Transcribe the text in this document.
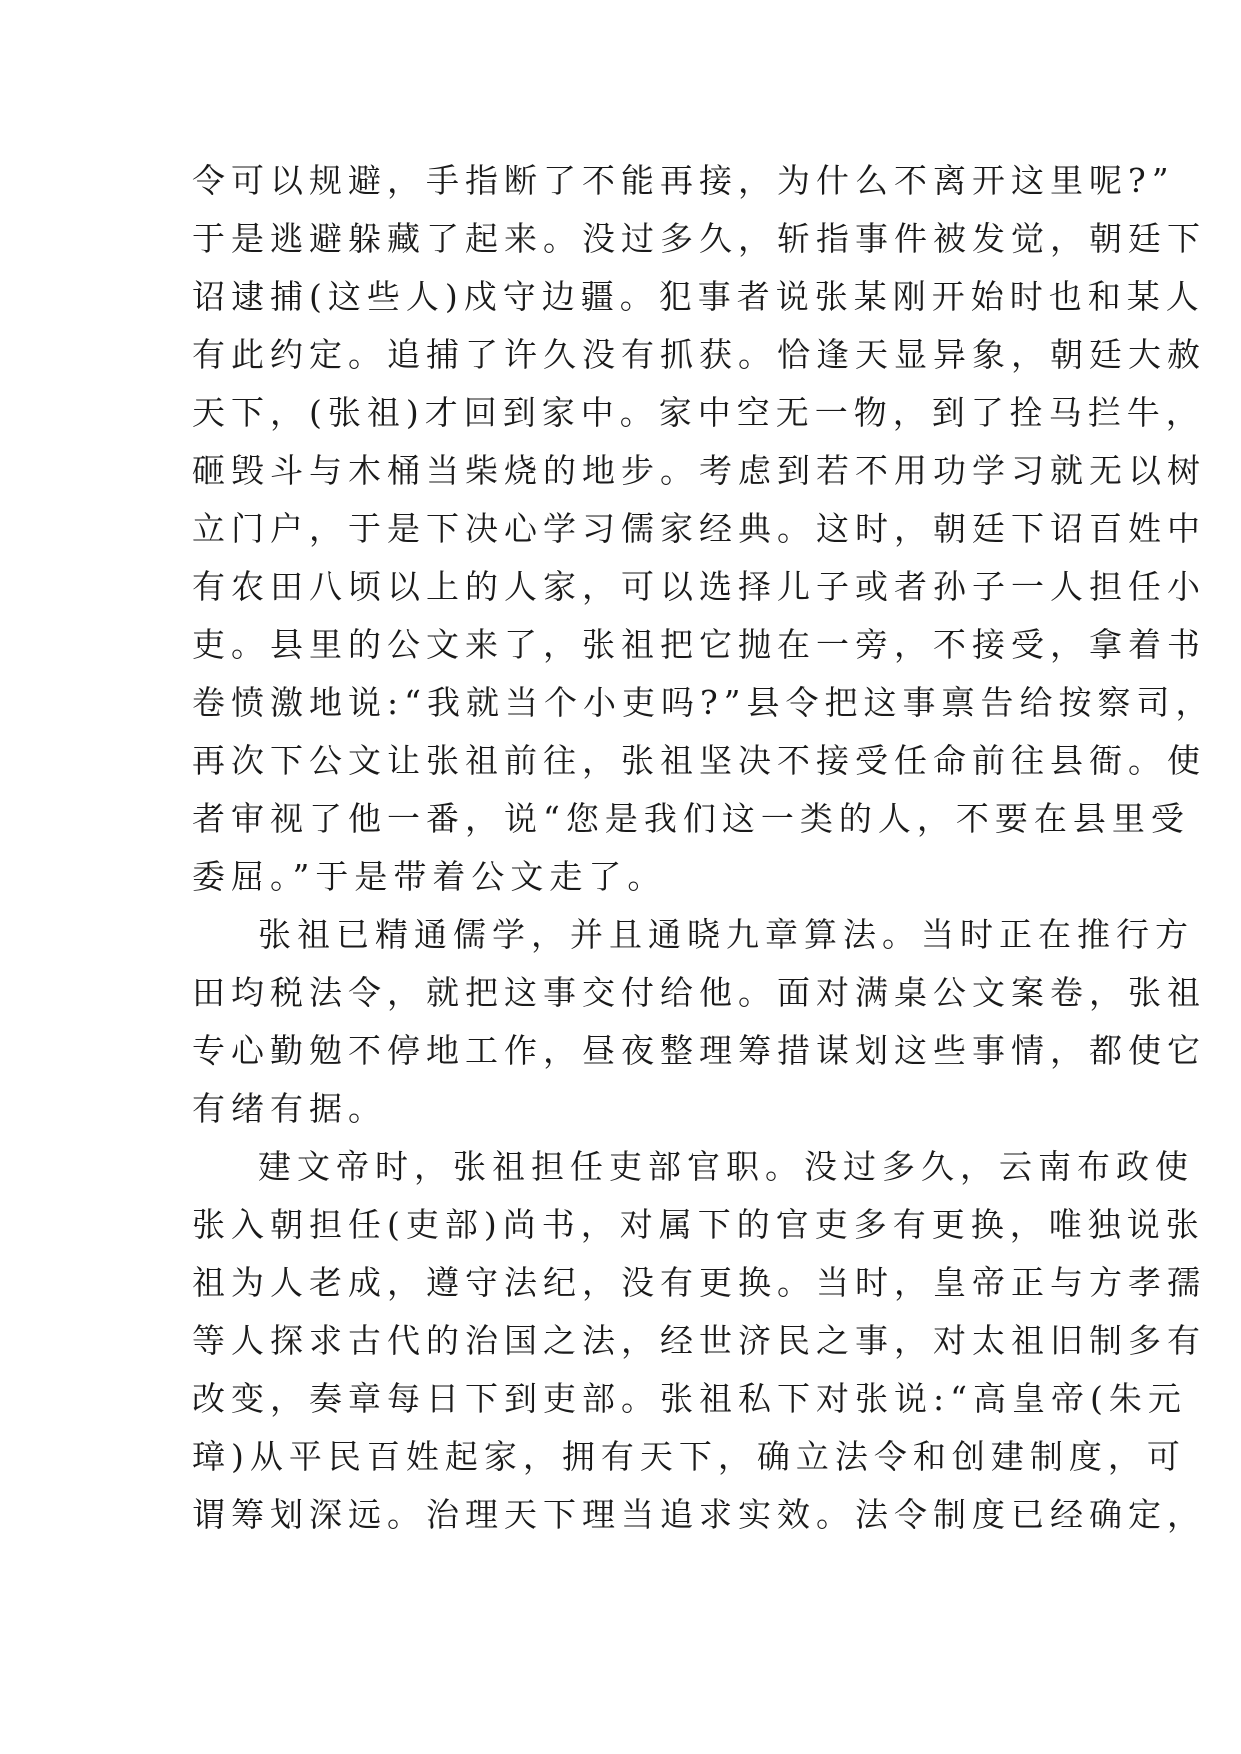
令可以规避，手指断了不能再接，为什么不离开这里呢?”
于是逃避躲藏了起来。没过多久，斩指事件被发觉，朝廷下
诏逮捕(这些人)戍守边疆。犯事者说张某刚开始时也和某人
有此约定。追捕了许久没有抓获。恰逢天显异象，朝廷大赦
天下，(张祖)才回到家中。家中空无一物，到了拴马拦牛，
砸毁斗与木桶当柴烧的地步。考虑到若不用功学习就无以树
立门户，于是下决心学习儒家经典。这时，朝廷下诏百姓中
有农田八顷以上的人家，可以选择儿子或者孙子一人担任小
吏。县里的公文来了，张祖把它抛在一旁，不接受，拿着书
卷愤激地说:“我就当个小吏吗?”县令把这事禀告给按察司，
再次下公文让张祖前往，张祖坚决不接受任命前往县衙。使
者审视了他一番，说“您是我们这一类的人，不要在县里受
委屈。”于是带着公文走了。
张祖已精通儒学，并且通晓九章算法。当时正在推行方
田均税法令，就把这事交付给他。面对满桌公文案卷，张祖
专心勤勉不停地工作，昼夜整理筹措谋划这些事情，都使它
有绪有据。
建文帝时，张祖担任吏部官职。没过多久，云南布政使
张入朝担任(吏部)尚书，对属下的官吏多有更换，唯独说张
祖为人老成，遵守法纪，没有更换。当时，皇帝正与方孝孺
等人探求古代的治国之法，经世济民之事，对太祖旧制多有
改变，奏章每日下到吏部。张祖私下对张说:“高皇帝(朱元
璋)从平民百姓起家，拥有天下，确立法令和创建制度，可
谓筹划深远。治理天下理当追求实效。法令制度已经确定，
